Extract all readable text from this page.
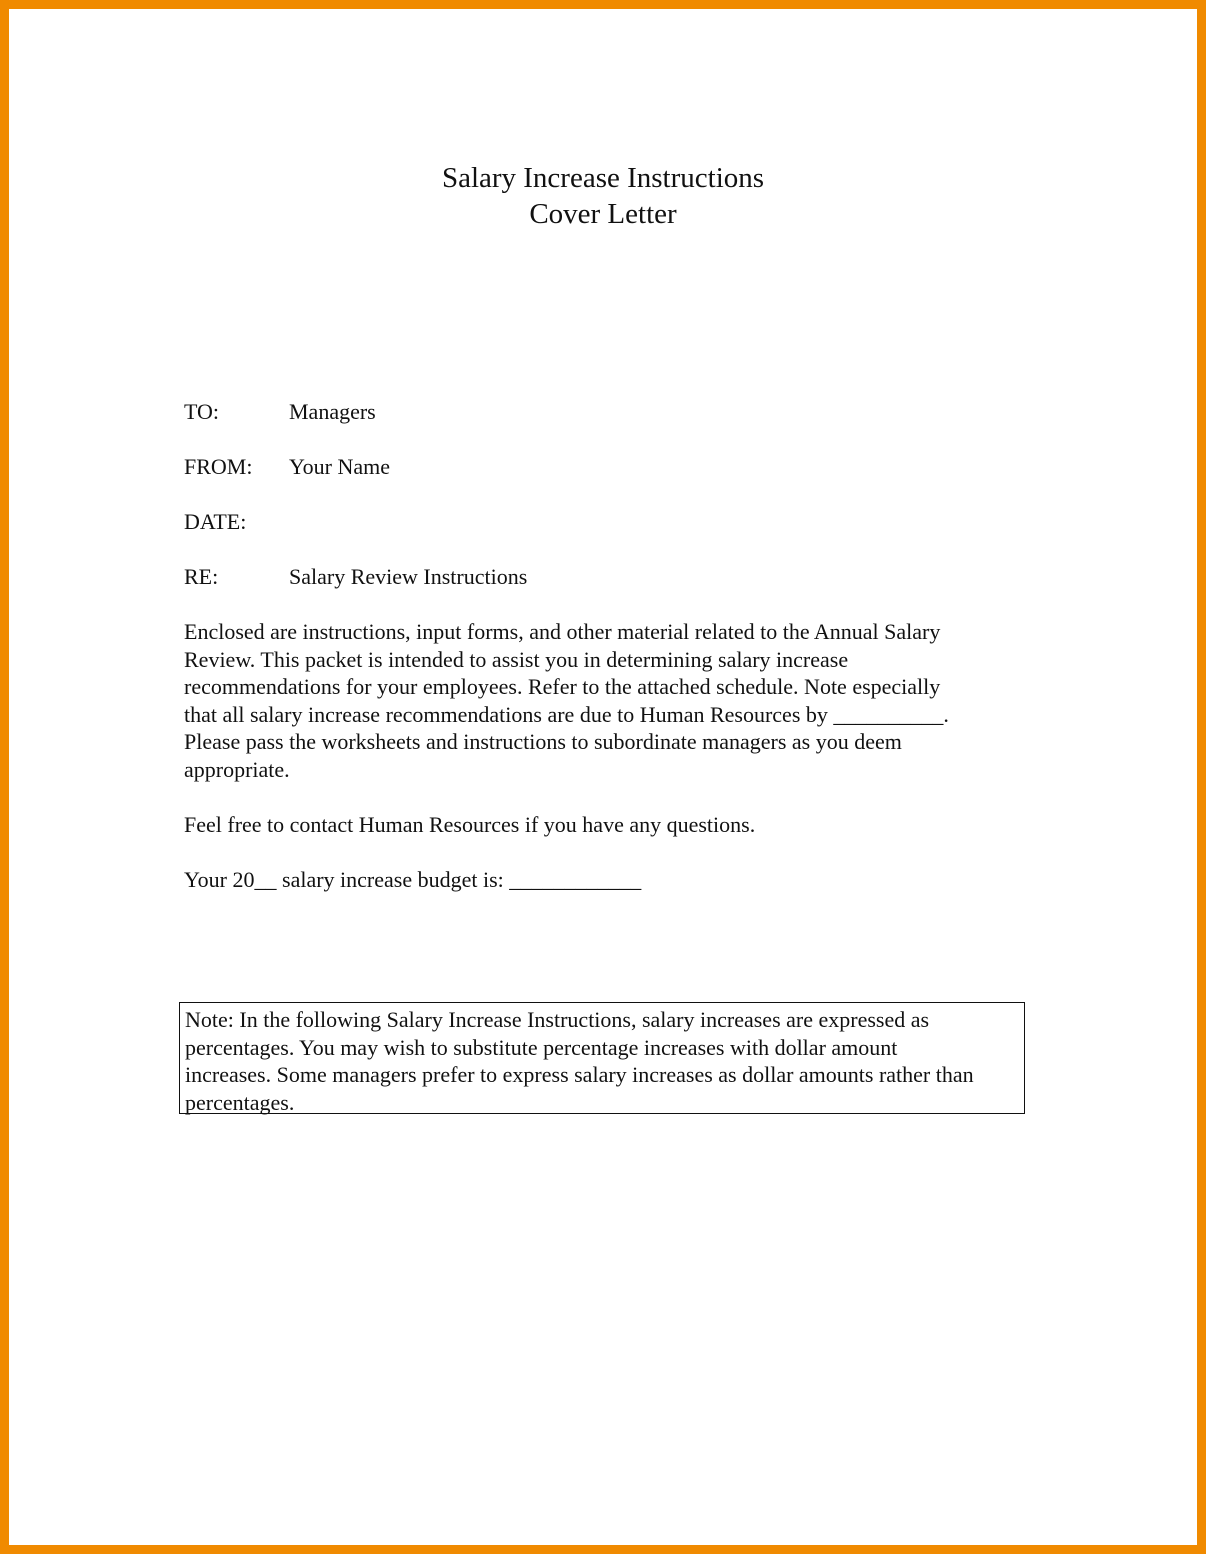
Salary Increase Instructions
Cover Letter
TO:	Managers
FROM: Your Name
DATE:
RE:	Salary Review Instructions
Enclosed are instructions, input forms, and other material related to the Annual Salary
Review. This packet is intended to assist you in determining salary increase
recommendations for your employees. Refer to the attached schedule. Note especially
that all salary increase recommendations are due to Human Resources by __________.
Please pass the worksheets and instructions to subordinate managers as you deem
appropriate.
Feel free to contact Human Resources if you have any questions.
Your 20__ salary increase budget is: ____________
Note: In the following Salary Increase Instructions, salary increases are expressed as
percentages. You may wish to substitute percentage increases with dollar amount
increases. Some managers prefer to express salary increases as dollar amounts rather than
percentages.
